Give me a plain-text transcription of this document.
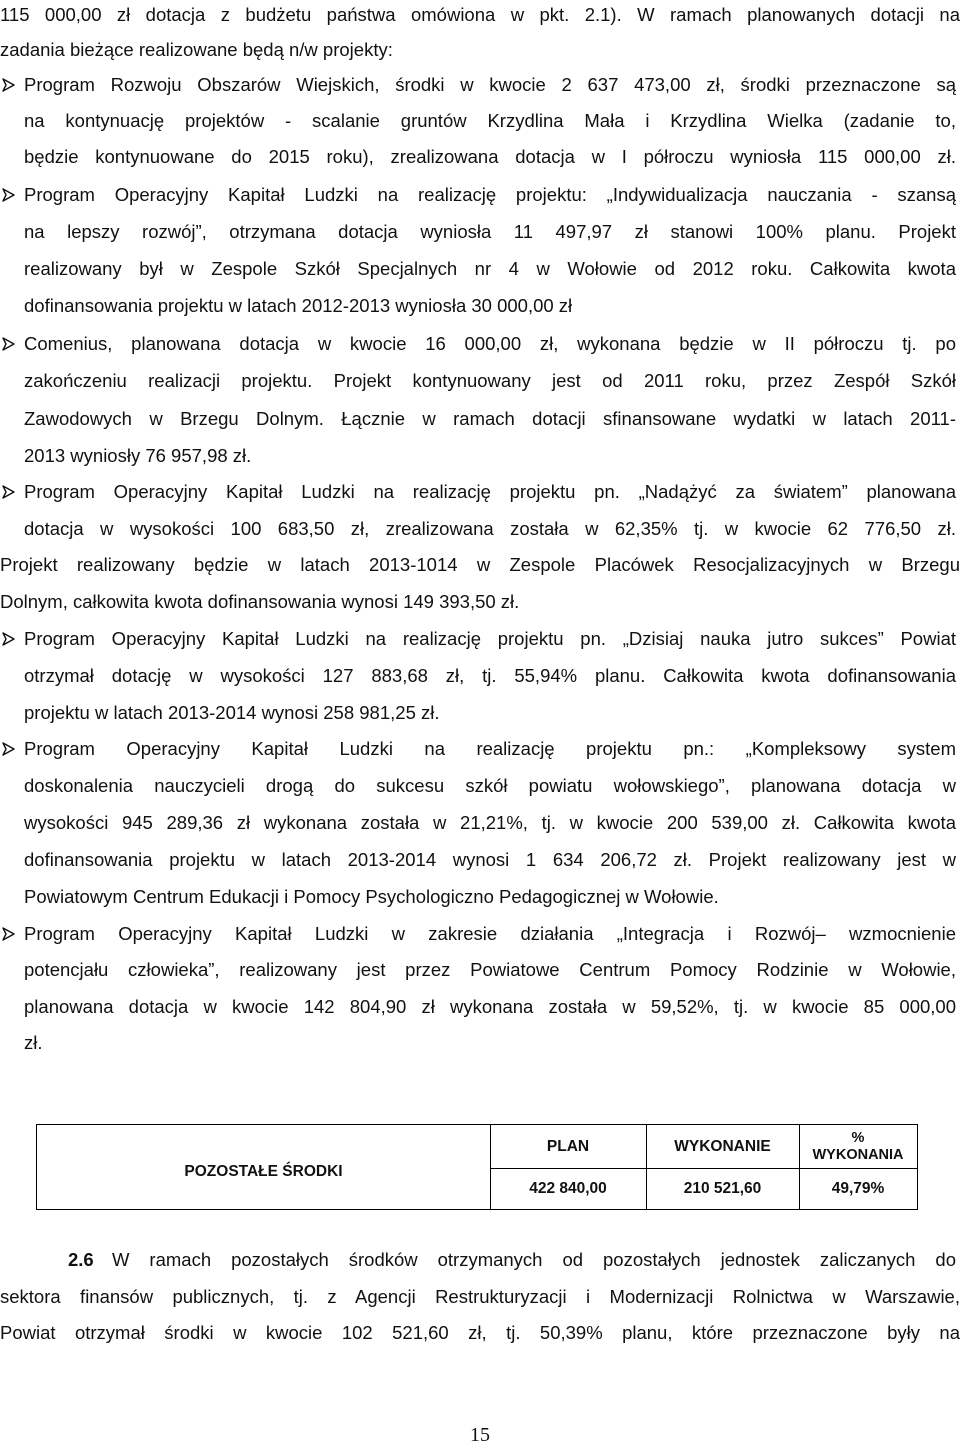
115 000,00 zł dotacja z budżetu państwa omówiona w pkt. 2.1). W ramach planowanych dotacji na
zadania bieżące realizowane będą n/w projekty:
Program Rozwoju Obszarów Wiejskich, środki w kwocie 2 637 473,00 zł, środki przeznaczone są
na kontynuację projektów - scalanie gruntów Krzydlina Mała i Krzydlina Wielka (zadanie to,
będzie kontynuowane do 2015 roku), zrealizowana dotacja w I półroczu wyniosła 115 000,00 zł.
Program Operacyjny Kapitał Ludzki na realizację projektu: „Indywidualizacja nauczania - szansą
na lepszy rozwój”, otrzymana dotacja wyniosła 11 497,97 zł stanowi 100% planu. Projekt
realizowany był w Zespole Szkół Specjalnych nr 4 w Wołowie od 2012 roku. Całkowita kwota
dofinansowania projektu w latach 2012-2013 wyniosła 30 000,00 zł
Comenius, planowana dotacja w kwocie 16 000,00 zł, wykonana będzie w II półroczu tj. po
zakończeniu realizacji projektu. Projekt kontynuowany jest od 2011 roku, przez Zespół Szkół
Zawodowych w Brzegu Dolnym. Łącznie w ramach dotacji sfinansowane wydatki w latach 2011-
2013 wyniosły 76 957,98 zł.
Program Operacyjny Kapitał Ludzki na realizację projektu pn. „Nadążyć za światem” planowana
dotacja w wysokości 100 683,50 zł, zrealizowana została w 62,35% tj. w kwocie 62 776,50 zł.
Projekt realizowany będzie w latach 2013-1014 w Zespole Placówek Resocjalizacyjnych w Brzegu
Dolnym, całkowita kwota dofinansowania wynosi 149 393,50 zł.
Program Operacyjny Kapitał Ludzki na realizację projektu pn. „Dzisiaj nauka jutro sukces” Powiat
otrzymał dotację w wysokości 127 883,68 zł, tj. 55,94% planu. Całkowita kwota dofinansowania
projektu w latach 2013-2014 wynosi 258 981,25 zł.
Program Operacyjny Kapitał Ludzki na realizację projektu pn.: „Kompleksowy system
doskonalenia nauczycieli drogą do sukcesu szkół powiatu wołowskiego”, planowana dotacja w
wysokości 945 289,36 zł wykonana została w 21,21%, tj. w kwocie 200 539,00 zł. Całkowita kwota
dofinansowania projektu w latach 2013-2014 wynosi 1 634 206,72 zł. Projekt realizowany jest w
Powiatowym Centrum Edukacji i Pomocy Psychologiczno Pedagogicznej w Wołowie.
Program Operacyjny Kapitał Ludzki w zakresie działania „Integracja i Rozwój– wzmocnienie
potencjału człowieka”, realizowany jest przez Powiatowe Centrum Pomocy Rodzinie w Wołowie,
planowana dotacja w kwocie 142 804,90 zł wykonana została w 59,52%, tj. w kwocie 85 000,00
zł.
POZOSTAŁE ŚRODKI
PLAN	WYKONANIE	%
WYKONANIA
422 840,00	210 521,60	49,79%
2.6 W ramach pozostałych środków otrzymanych od pozostałych jednostek zaliczanych do
sektora finansów publicznych, tj. z Agencji Restrukturyzacji i Modernizacji Rolnictwa w Warszawie,
Powiat otrzymał środki w kwocie 102 521,60 zł, tj. 50,39% planu, które przeznaczone były na
15
